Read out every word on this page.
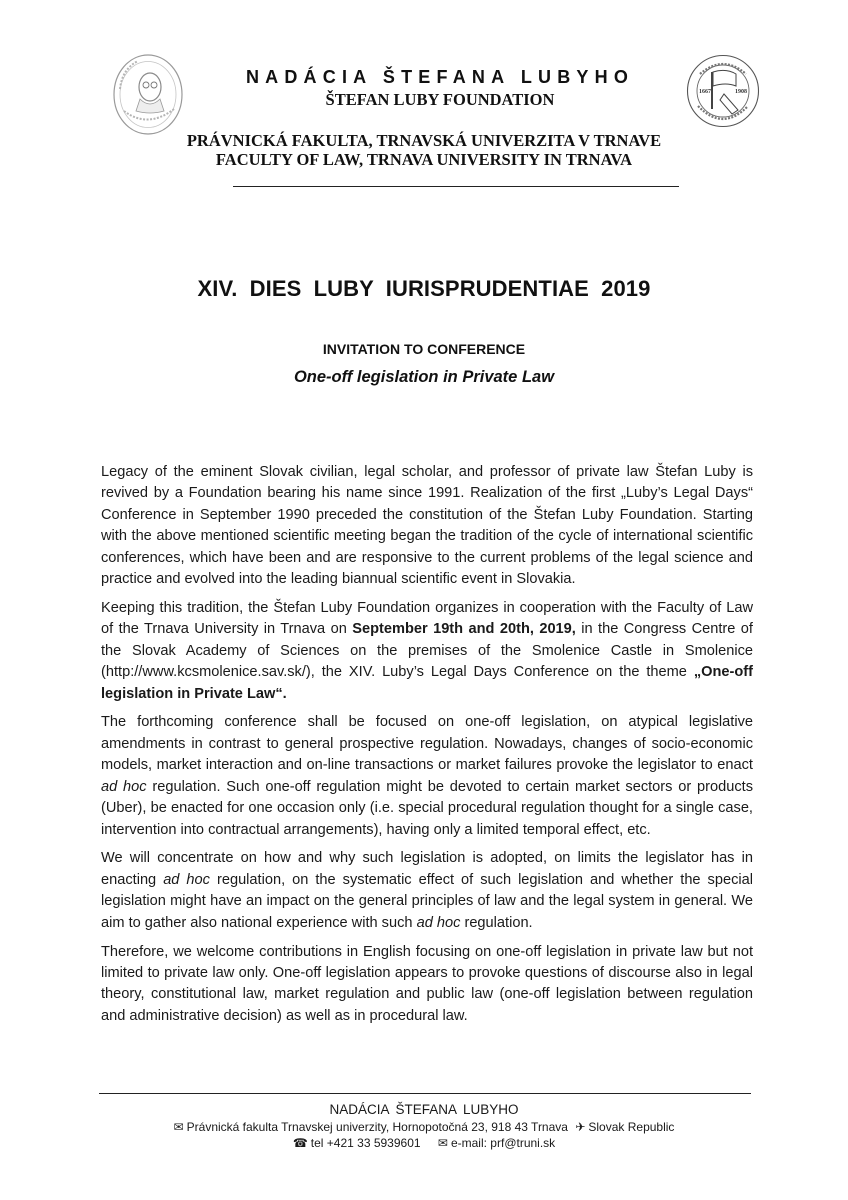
1667	1908
NADÁCIA ŠTEFANA LUBYHO
ŠTEFAN LUBY FOUNDATION
PRÁVNICKÁ FAKULTA, TRNAVSKÁ UNIVERZITA V TRNAVE
FACULTY OF LAW, TRNAVA UNIVERSITY IN TRNAVA
XIV. DIES LUBY IURISPRUDENTIAE 2019
INVITATION TO CONFERENCE
One-off legislation in Private Law

Legacy of the eminent Slovak civilian, legal scholar, and professor of private law Štefan Luby is revived by a Foundation bearing his name since 1991. Realization of the first „Luby’s Legal Days“ Conference in September 1990 preceded the constitution of the Štefan Luby Foundation. Starting with the above mentioned scientific meeting began the tradition of the cycle of international scientific conferences, which have been and are responsive to the current problems of the legal science and practice and evolved into the leading biannual scientific event in Slovakia.

Keeping this tradition, the Štefan Luby Foundation organizes in cooperation with the Faculty of Law of the Trnava University in Trnava on September 19th and 20th, 2019, in the Congress Centre of the Slovak Academy of Sciences on the premises of the Smolenice Castle in Smolenice (http://www.kcsmolenice.sav.sk/), the XIV. Luby’s Legal Days Conference on the theme „One-off legislation in Private Law“.

The forthcoming conference shall be focused on one-off legislation, on atypical legislative amendments in contrast to general prospective regulation. Nowadays, changes of socio-economic models, market interaction and on-line transactions or market failures provoke the legislator to enact ad hoc regulation. Such one-off regulation might be devoted to certain market sectors or products (Uber), be enacted for one occasion only (i.e. special procedural regulation thought for a single case, intervention into contractual arrangements), having only a limited temporal effect, etc.

We will concentrate on how and why such legislation is adopted, on limits the legislator has in enacting ad hoc regulation, on the systematic effect of such legislation and whether the special legislation might have an impact on the general principles of law and the legal system in general. We aim to gather also national experience with such ad hoc regulation.

Therefore, we welcome contributions in English focusing on one-off legislation in private law but not limited to private law only. One-off legislation appears to provoke questions of discourse also in legal theory, constitutional law, market regulation and public law (one-off legislation between regulation and administrative decision) as well as in procedural law.

NADÁCIA ŠTEFANA LUBYHO
✉ Právnická fakulta Trnavskej univerzity, Hornopotočná 23, 918 43 Trnava ✈ Slovak Republic
☎ tel +421 33 5939601 ✉ e-mail: prf@truni.sk
